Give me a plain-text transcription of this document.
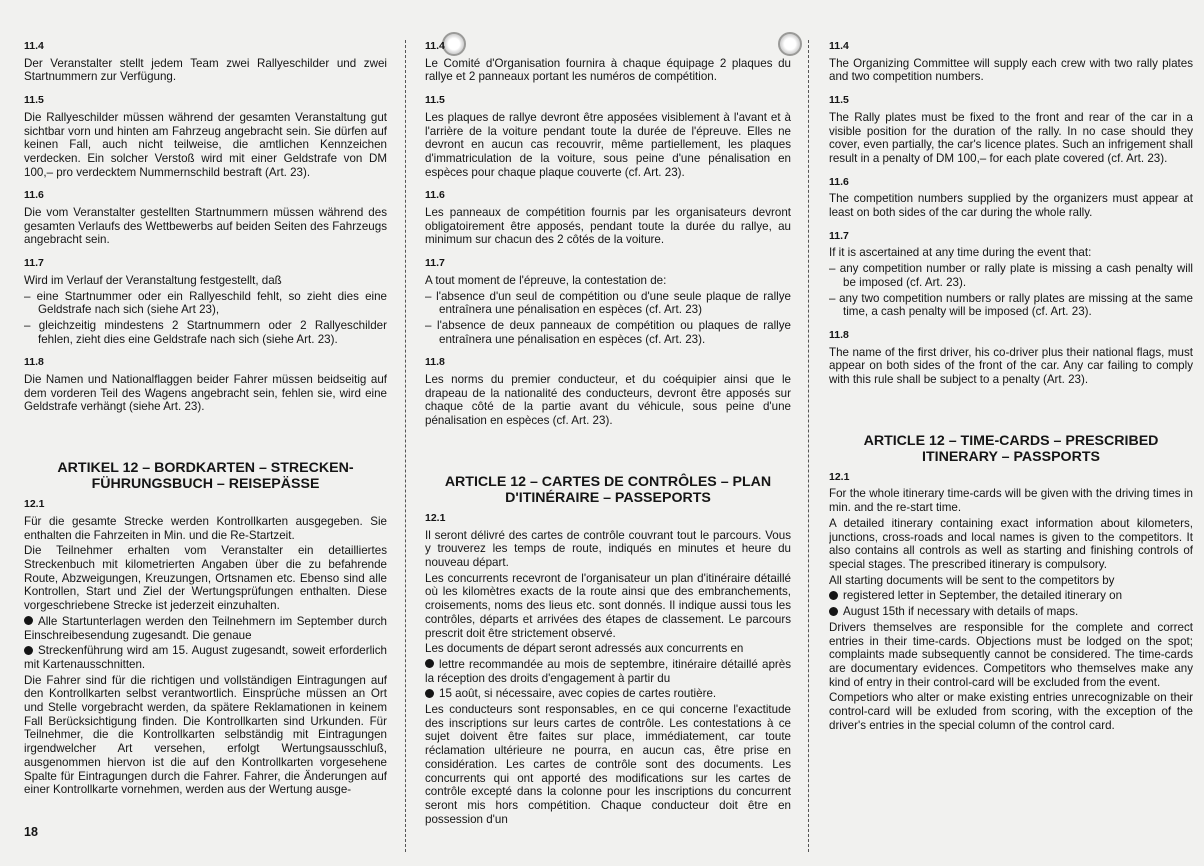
11.4

Der Veranstalter stellt jedem Team zwei Rallyeschilder und zwei Startnummern zur Verfügung.

11.5

Die Rallyeschilder müssen während der gesamten Veranstaltung gut sichtbar vorn und hinten am Fahrzeug angebracht sein. Sie dürfen auf keinen Fall, auch nicht teilweise, die amtlichen Kennzeichen verdecken. Ein solcher Verstoß wird mit einer Geldstrafe von DM 100,– pro verdecktem Nummernschild bestraft (Art. 23).

11.6

Die vom Veranstalter gestellten Startnummern müssen während des gesamten Verlaufs des Wettbewerbs auf beiden Seiten des Fahrzeugs angebracht sein.

11.7

Wird im Verlauf der Veranstaltung festgestellt, daß

– eine Startnummer oder ein Rallyeschild fehlt, so zieht dies eine Geldstrafe nach sich (siehe Art 23),

– gleichzeitig mindestens 2 Startnummern oder 2 Rallyeschilder fehlen, zieht dies eine Geldstrafe nach sich (siehe Art. 23).

11.8

Die Namen und Nationalflaggen beider Fahrer müssen beidseitig auf dem vorderen Teil des Wagens angebracht sein, fehlen sie, wird eine Geldstrafe verhängt (siehe Art. 23).

ARTIKEL 12 – BORDKARTEN – STRECKEN-
FÜHRUNGSBUCH – REISEPÄSSE
12.1

Für die gesamte Strecke werden Kontrollkarten ausgegeben. Sie enthalten die Fahrzeiten in Min. und die Re-Startzeit.

Die Teilnehmer erhalten vom Veranstalter ein detailliertes Streckenbuch mit kilometrierten Angaben über die zu befahrende Route, Abzweigungen, Kreuzungen, Ortsnamen etc. Ebenso sind alle Kontrollen, Start und Ziel der Wertungsprüfungen enthalten. Diese vorgeschriebene Strecke ist jederzeit einzuhalten.

Alle Startunterlagen werden den Teilnehmern im September durch Einschreibesendung zugesandt. Die genaue

Streckenführung wird am 15. August zugesandt, soweit erforderlich mit Kartenausschnitten.

Die Fahrer sind für die richtigen und vollständigen Eintragungen auf den Kontrollkarten selbst verantwortlich. Einsprüche müssen an Ort und Stelle vorgebracht werden, da spätere Reklamationen in keinem Fall Berücksichtigung finden. Die Kontrollkarten sind Urkunden. Für Teilnehmer, die die Kontrollkarten selbständig mit Eintragungen irgendwelcher Art versehen, erfolgt Wertungsausschluß, ausgenommen hiervon ist die auf den Kontrollkarten vorgesehene Spalte für Eintragungen durch die Fahrer. Fahrer, die Änderungen auf einer Kontrollkarte vornehmen, werden aus der Wertung ausge-

11.4

Le Comité d'Organisation fournira à chaque équipage 2 plaques du rallye et 2 panneaux portant les numéros de compétition.

11.5

Les plaques de rallye devront être apposées visiblement à l'avant et à l'arrière de la voiture pendant toute la durée de l'épreuve. Elles ne devront en aucun cas recouvrir, même partiellement, les plaques d'immatriculation de la voiture, sous peine d'une pénalisation en espèces pour chaque plaque couverte (cf. Art. 23).

11.6

Les panneaux de compétition fournis par les organisateurs devront obligatoirement être apposés, pendant toute la durée du rallye, au minimum sur chacun des 2 côtés de la voiture.

11.7

A tout moment de l'épreuve, la contestation de:

– l'absence d'un seul de compétition ou d'une seule plaque de rallye entraînera une pénalisation en espèces (cf. Art. 23)

– l'absence de deux panneaux de compétition ou plaques de rallye entraînera une pénalisation en espèces (cf. Art. 23).

11.8

Les norms du premier conducteur, et du coéquipier ainsi que le drapeau de la nationalité des conducteurs, devront être apposés sur chaque côté de la partie avant du véhicule, sous peine d'une pénalisation en espèces (cf. Art. 23).

ARTICLE 12 – CARTES DE CONTRÔLES – PLAN
D'ITINÉRAIRE – PASSEPORTS
12.1

Il seront délivré des cartes de contrôle couvrant tout le parcours. Vous y trouverez les temps de route, indiqués en minutes et heure du nouveau départ.

Les concurrents recevront de l'organisateur un plan d'itinéraire détaillé où les kilomètres exacts de la route ainsi que des embranchements, croisements, noms des lieus etc. sont donnés. Il indique aussi tous les contrôles, départs et arrivées des étapes de classement. Le parcours prescrit doit être strictement observé.

Les documents de départ seront adressés aux concurrents en

lettre recommandée au mois de septembre, itinéraire détaillé après la réception des droits d'engagement à partir du

15 août, si nécessaire, avec copies de cartes routière.

Les conducteurs sont responsables, en ce qui concerne l'exactitude des inscriptions sur leurs cartes de contrôle. Les contestations à ce sujet doivent être faites sur place, immédiatement, car toute réclamation ultérieure ne pourra, en aucun cas, être prise en considération. Les cartes de contrôle sont des documents. Les concurrents qui ont apporté des modifications sur les cartes de contrôle excepté dans la colonne pour les inscriptions du concurrent seront mis hors compétition. Chaque conducteur doit être en possession d'un

11.4

The Organizing Committee will supply each crew with two rally plates and two competition numbers.

11.5

The Rally plates must be fixed to the front and rear of the car in a visible position for the duration of the rally. In no case should they cover, even partially, the car's licence plates. Such an infrigement shall result in a penalty of DM 100,– for each plate covered (cf. Art. 23).

11.6

The competition numbers supplied by the organizers must appear at least on both sides of the car during the whole rally.

11.7

If it is ascertained at any time during the event that:

– any competition number or rally plate is missing a cash penalty will be imposed (cf. Art. 23).

– any two competition numbers or rally plates are missing at the same time, a cash penalty will be imposed (cf. Art. 23).

11.8

The name of the first driver, his co-driver plus their national flags, must appear on both sides of the front of the car. Any car failing to comply with this rule shall be subject to a penalty (Art. 23).

ARTICLE 12 – TIME-CARDS – PRESCRIBED
ITINERARY – PASSPORTS
12.1

For the whole itinerary time-cards will be given with the driving times in min. and the re-start time.

A detailed itinerary containing exact information about kilometers, junctions, cross-roads and local names is given to the competitors. It also contains all controls as well as starting and finishing controls of special stages. The prescribed itinerary is compulsory.

All starting documents will be sent to the competitors by

registered letter in September, the detailed itinerary on

August 15th if necessary with details of maps.

Drivers themselves are responsible for the complete and correct entries in their time-cards. Objections must be lodged on the spot; complaints made subsequently cannot be considered. The time-cards are documentary evidences. Competitors who themselves make any kind of entry in their control-card will be excluded from the event.

Competiors who alter or make existing entries unrecognizable on their control-card will be exluded from scoring, with the exception of the driver's entries in the special column of the control card.

18
